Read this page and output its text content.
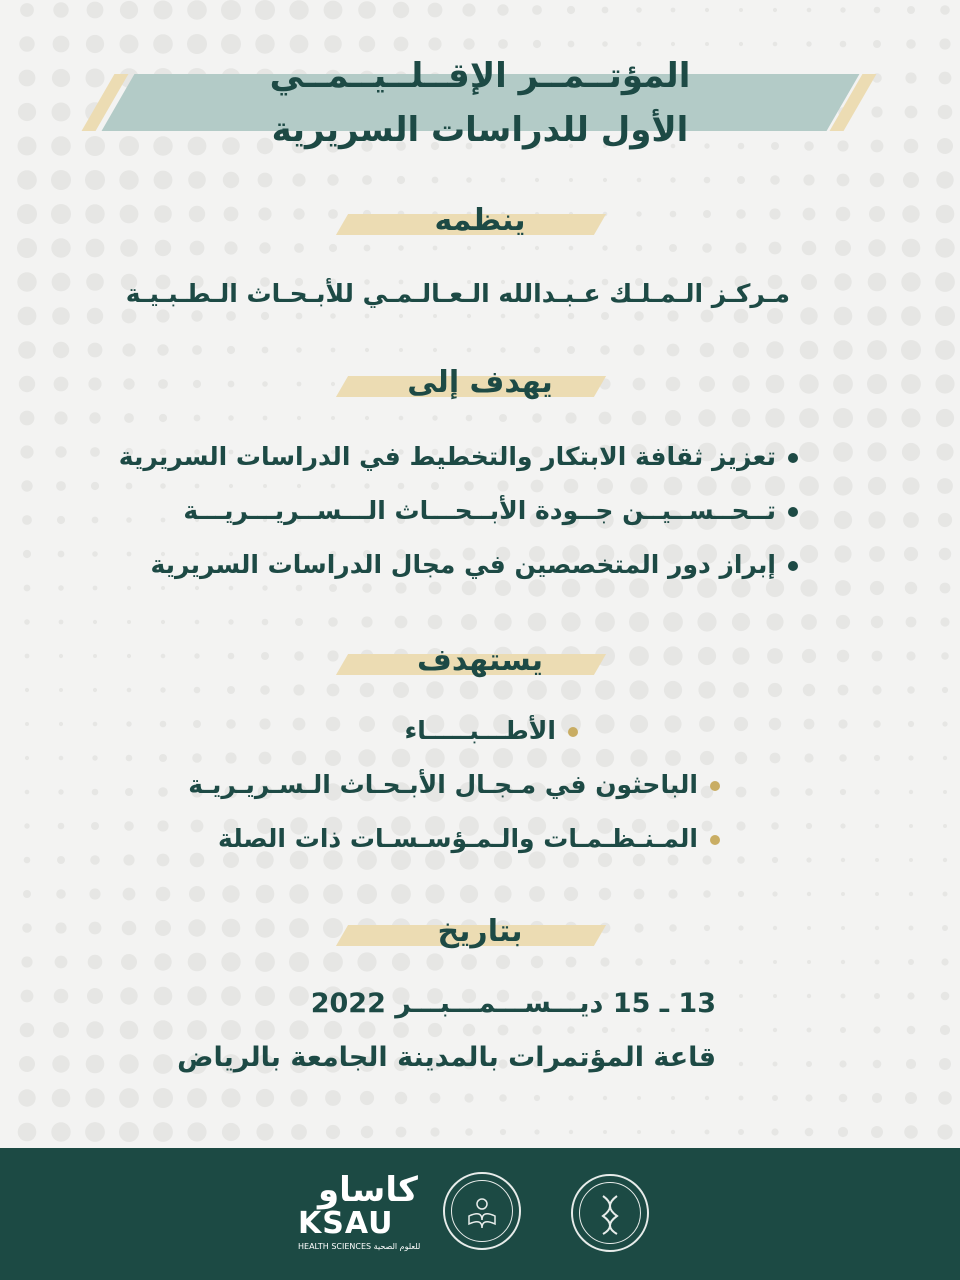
المؤتــمــر الإقــلــيــمــي
الأول للدراسات السريرية
ينظمه
مـركـز الـمـلـك عـبـدالله الـعـالـمـي للأبـحـاث الـطـبـيـة
يهدف إلى
تعزيز ثقافة الابتكار والتخطيط في الدراسات السريرية
تــحــســيــن جــودة الأبــحـــاث الـــســريـــريـــة
إبراز دور المتخصصين في مجال الدراسات السريرية
يستهدف
الأطـــبـــــاء
الباحثون في مـجـال الأبـحـاث الـسـريـريـة
المـنـظـمـات والـمـؤسـسـات ذات الصلة
بتاريخ
13 ـ 15 ديـــســـمـــبـــر 2022
قاعة المؤتمرات بالمدينة الجامعة بالرياض
كاساو
KSAU
HEALTH SCIENCES للعلوم الصحية
